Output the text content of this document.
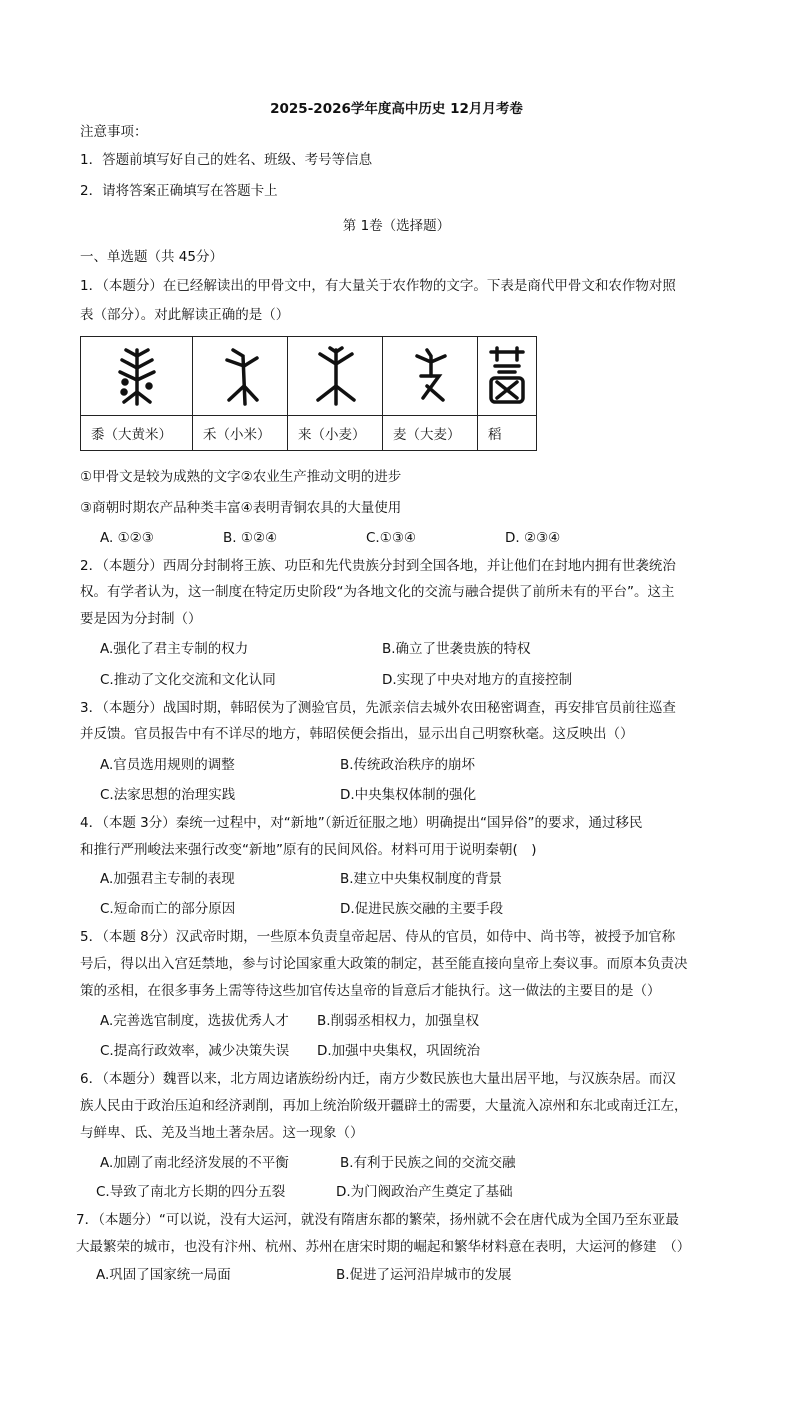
2025-2026学年度高中历史 12月月考卷
注意事项：
1．答题前填写好自己的姓名、班级、考号等信息
2．请将答案正确填写在答题卡上
第 1卷（选择题）
一、单选题（共 45分）
1．（本题分）在已经解读出的甲骨文中，有大量关于农作物的文字。下表是商代甲骨文和农作物对照
表（部分）。对此解读正确的是（）

黍（大黄米）	禾（小米）	来（小麦）	麦（大麦）	稻
①甲骨文是较为成熟的文字②农业生产推动文明的进步
③商朝时期农产品种类丰富④表明青铜农具的大量使用
A. ①②③	B. ①②④	C.①③④	D. ②③④
2．（本题分）西周分封制将王族、功臣和先代贵族分封到全国各地，并让他们在封地内拥有世袭统治
权。有学者认为，这一制度在特定历史阶段“为各地文化的交流与融合提供了前所未有的平台”。这主
要是因为分封制（）
A.强化了君主专制的权力	B.确立了世袭贵族的特权
C.推动了文化交流和文化认同	D.实现了中央对地方的直接控制
3．（本题分）战国时期，韩昭侯为了测验官员，先派亲信去城外农田秘密调查，再安排官员前往巡查
并反馈。官员报告中有不详尽的地方，韩昭侯便会指出，显示出自己明察秋毫。这反映出（）
A.官员选用规则的调整	B.传统政治秩序的崩坏
C.法家思想的治理实践	D.中央集权体制的强化
4．（本题 3分）秦统一过程中，对“新地”（新近征服之地）明确提出“国异俗”的要求，通过移民
和推行严刑峻法来强行改变“新地”原有的民间风俗。材料可用于说明秦朝(　)
A.加强君主专制的表现	B.建立中央集权制度的背景
C.短命而亡的部分原因	D.促进民族交融的主要手段
5．（本题 8分）汉武帝时期，一些原本负责皇帝起居、侍从的官员，如侍中、尚书等，被授予加官称
号后，得以出入宫廷禁地，参与讨论国家重大政策的制定，甚至能直接向皇帝上奏议事。而原本负责决
策的丞相，在很多事务上需等待这些加官传达皇帝的旨意后才能执行。这一做法的主要目的是（）
A.完善选官制度，选拔优秀人才 B.削弱丞相权力，加强皇权
C.提高行政效率，减少决策失误 D.加强中央集权，巩固统治
6．（本题分）魏晋以来，北方周边诸族纷纷内迁，南方少数民族也大量出居平地，与汉族杂居。而汉
族人民由于政治压迫和经济剥削，再加上统治阶级开疆辟土的需要，大量流入凉州和东北或南迁江左，
与鲜卑、氐、羌及当地土著杂居。这一现象（）
A.加剧了南北经济发展的不平衡	B.有利于民族之间的交流交融
C.导致了南北方长期的四分五裂	D.为门阀政治产生奠定了基础
7．（本题分）“可以说，没有大运河，就没有隋唐东都的繁荣，扬州就不会在唐代成为全国乃至东亚最
大最繁荣的城市，也没有汴州、杭州、苏州在唐宋时期的崛起和繁华材料意在表明，大运河的修建　（）
A.巩固了国家统一局面	B.促进了运河沿岸城市的发展
